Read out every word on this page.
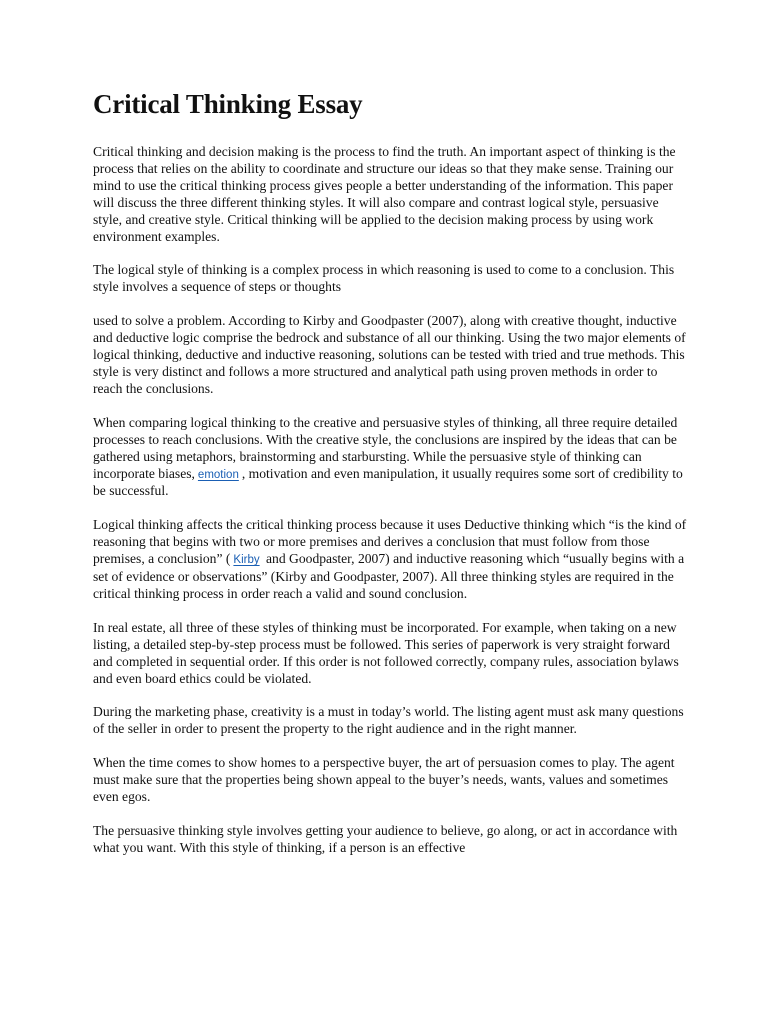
Critical Thinking Essay

Critical thinking and decision making is the process to find the truth. An important aspect of thinking is the process that relies on the ability to coordinate and structure our ideas so that they make sense. Training our mind to use the critical thinking process gives people a better understanding of the information. This paper will discuss the three different thinking styles. It will also compare and contrast logical style, persuasive style, and creative style. Critical thinking will be applied to the decision making process by using work environment examples.

The logical style of thinking is a complex process in which reasoning is used to come to a conclusion. This style involves a sequence of steps or thoughts

used to solve a problem. According to Kirby and Goodpaster (2007), along with creative thought, inductive and deductive logic comprise the bedrock and substance of all our thinking. Using the two major elements of logical thinking, deductive and inductive reasoning, solutions can be tested with tried and true methods. This style is very distinct and follows a more structured and analytical path using proven methods in order to reach the conclusions.

When comparing logical thinking to the creative and persuasive styles of thinking, all three require detailed processes to reach conclusions. With the creative style, the conclusions are inspired by the ideas that can be gathered using metaphors, brainstorming and starbursting. While the persuasive style of thinking can incorporate biases, emotion , motivation and even manipulation, it usually requires some sort of credibility to be successful.

Logical thinking affects the critical thinking process because it uses Deductive thinking which “is the kind of reasoning that begins with two or more premises and derives a conclusion that must follow from those premises, a conclusion” ( Kirby and Goodpaster, 2007) and inductive reasoning which “usually begins with a set of evidence or observations” (Kirby and Goodpaster, 2007). All three thinking styles are required in the critical thinking process in order reach a valid and sound conclusion.

In real estate, all three of these styles of thinking must be incorporated. For example, when taking on a new listing, a detailed step-by-step process must be followed. This series of paperwork is very straight forward and completed in sequential order. If this order is not followed correctly, company rules, association bylaws and even board ethics could be violated.

During the marketing phase, creativity is a must in today’s world. The listing agent must ask many questions of the seller in order to present the property to the right audience and in the right manner.

When the time comes to show homes to a perspective buyer, the art of persuasion comes to play. The agent must make sure that the properties being shown appeal to the buyer’s needs, wants, values and sometimes even egos.

The persuasive thinking style involves getting your audience to believe, go along, or act in accordance with what you want. With this style of thinking, if a person is an effective
